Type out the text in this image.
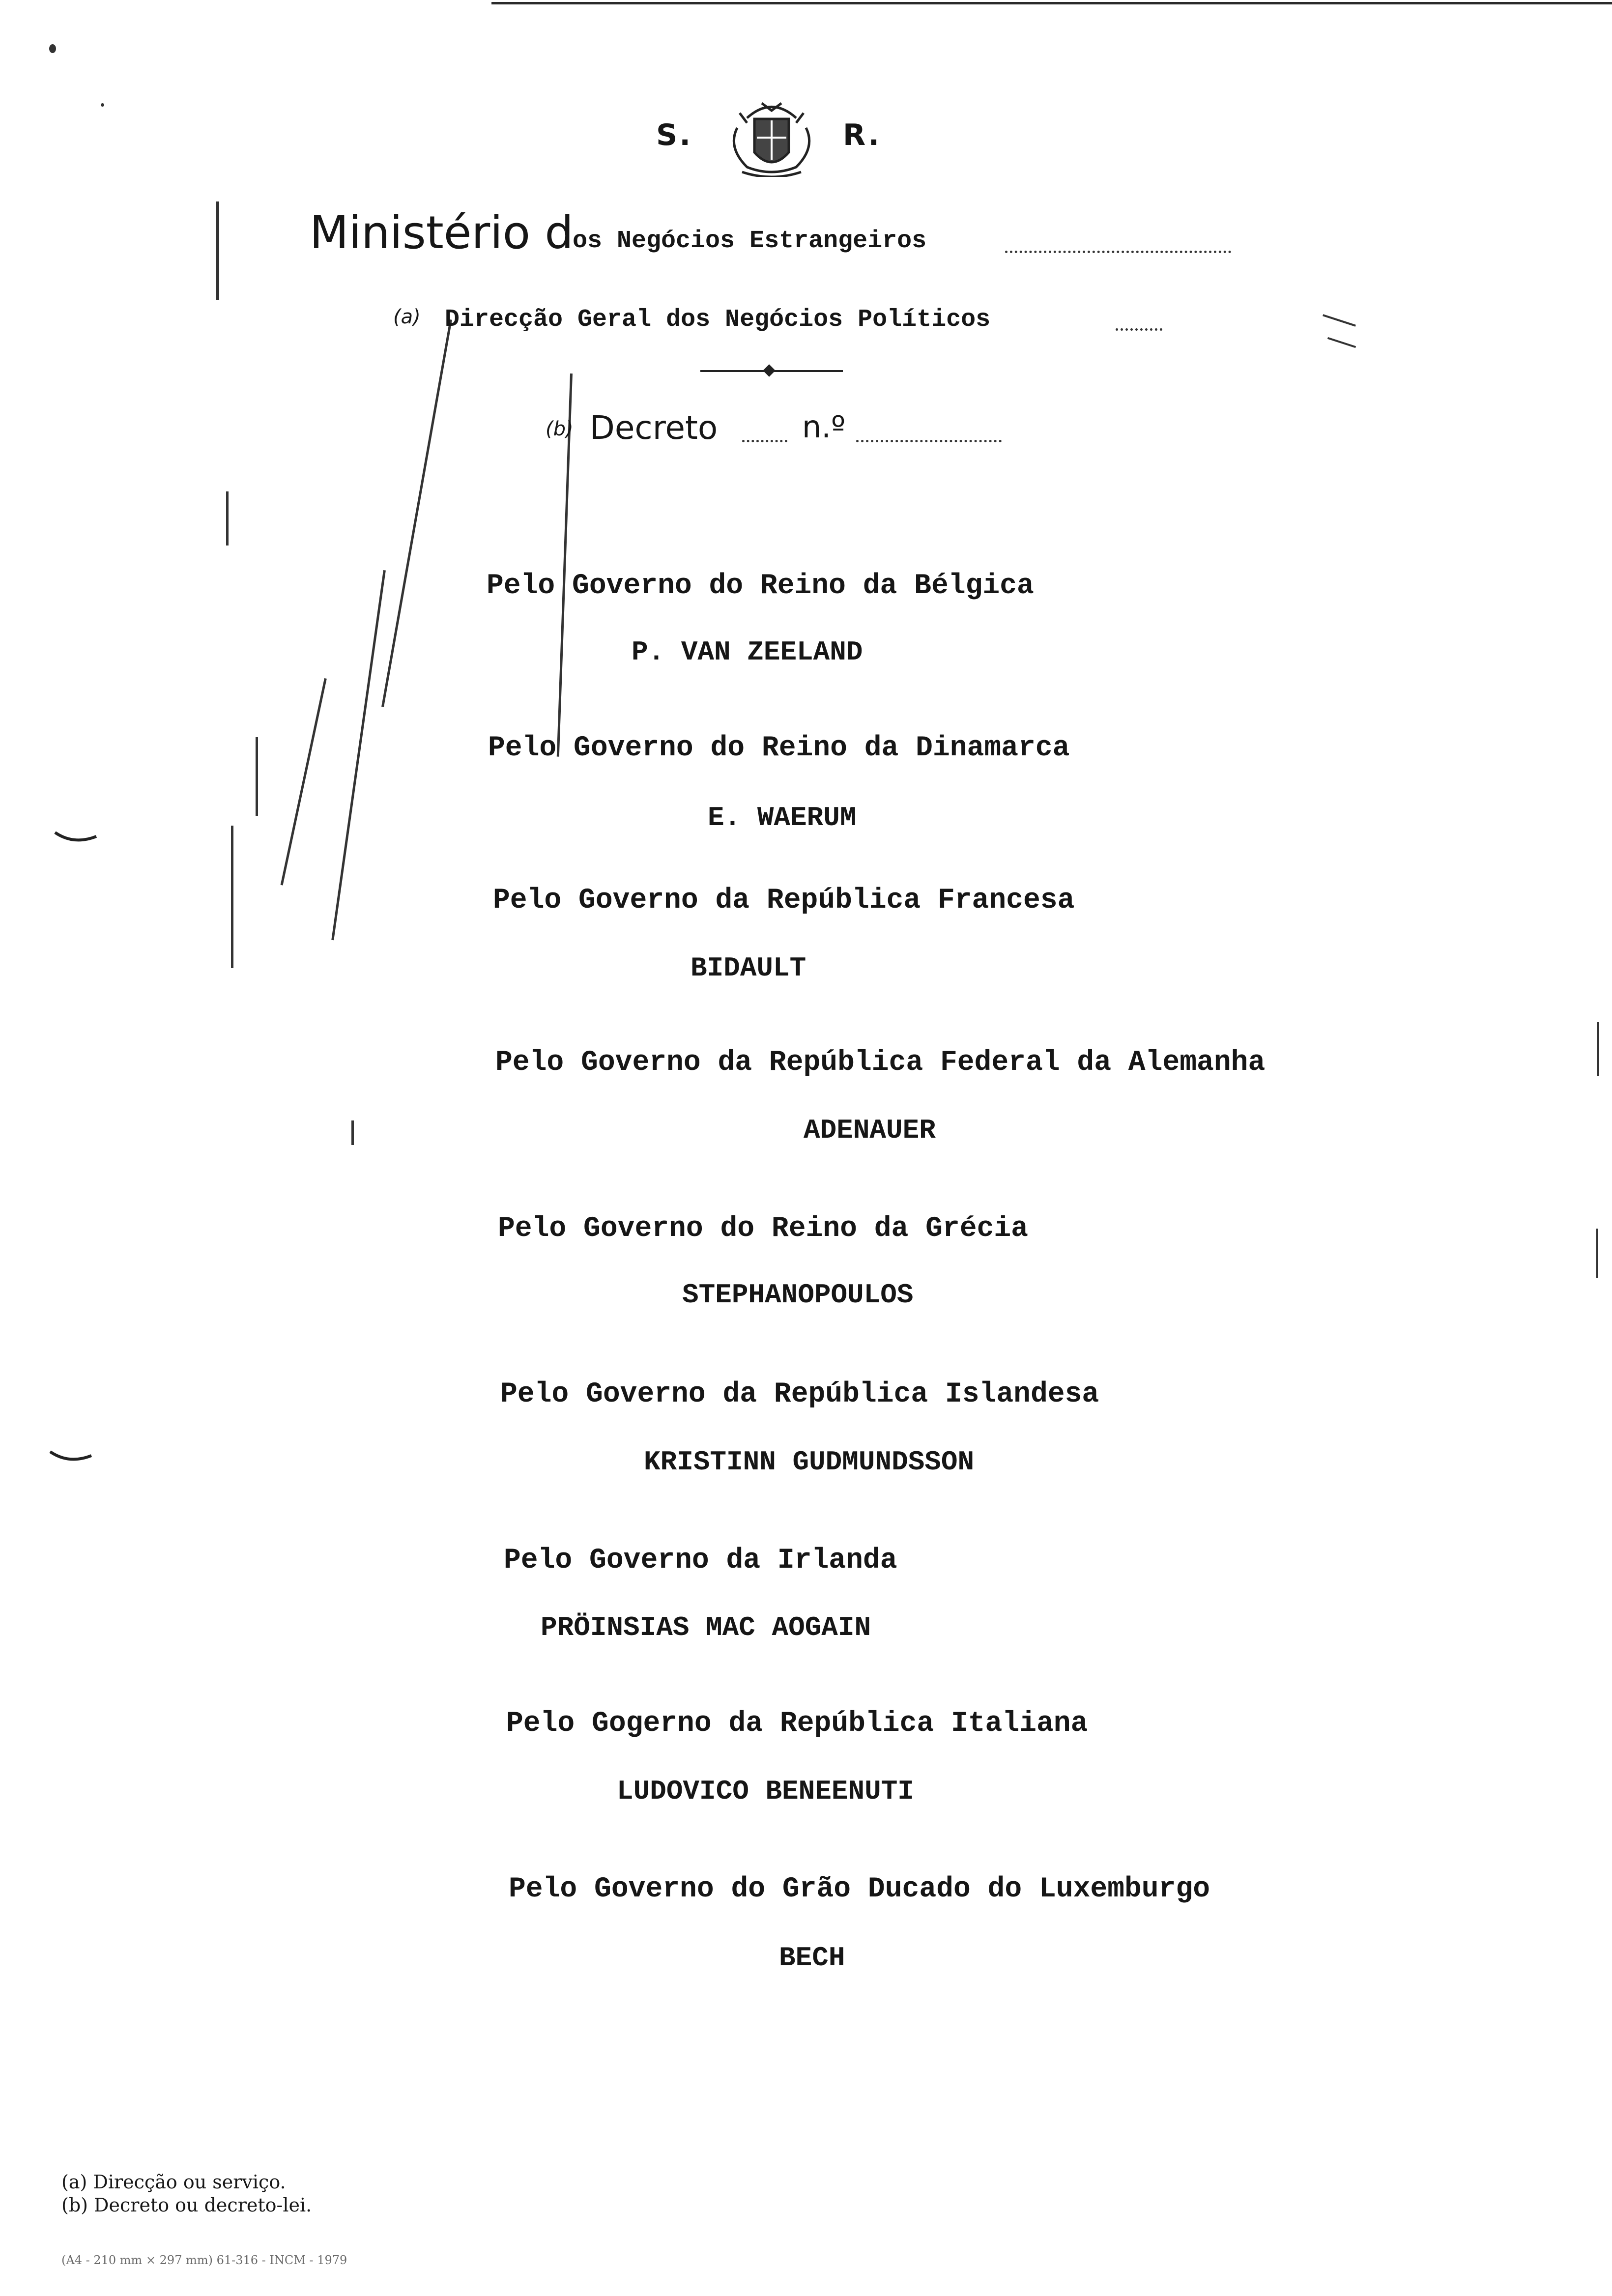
S.	R.
Ministério d
os Negócios Estrangeiros
(a) Direcção Geral dos Negócios Políticos
(b) Decreto	n.º
Pelo Governo do Reino da Bélgica
P. VAN ZEELAND
Pelo Governo do Reino da Dinamarca
E. WAERUM
Pelo Governo da República Francesa
BIDAULT
Pelo Governo da República Federal da Alemanha
ADENAUER
Pelo Governo do Reino da Grécia
STEPHANOPOULOS
Pelo Governo da República Islandesa
KRISTINN GUDMUNDSSON
Pelo Governo da Irlanda
PRÖINSIAS MAC AOGAIN
Pelo Gogerno da República Italiana
LUDOVICO BENEENUTI
Pelo Governo do Grão Ducado do Luxemburgo
BECH
(a) Direcção ou serviço.
(b) Decreto ou decreto-lei.
(A4 - 210 mm × 297 mm) 61-316 - INCM - 1979
